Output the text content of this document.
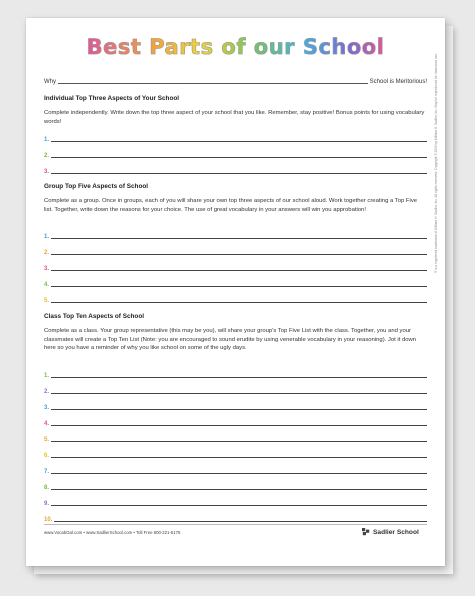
Best Parts of our School
Why	School is Meritorious!

Individual Top Three Aspects of Your School

Complete independently. Write down the top three aspect of your school that you like. Remember, stay positive! Bonus points for using vocabulary words!

1.
2.
3.

Group Top Five Aspects of School

Complete as a group. Once in groups, each of you will share your own top three aspects of our school aloud. Work together creating a Top Five list. Together, write down the reasons for your choice. The use of great vocabulary in your answers will win you approbation!

1.
2.
3.
4.
5.

Class Top Ten Aspects of School

Complete as a class. Your group representative (this may be you), will share your group's Top Five List with the class. Together, you and your classmates will create a Top Ten List (Note: you are encouraged to sound erudite by using venerable vocabulary in your reasoning). Jot it down here so you have a reminder of why you like school on some of the ugly days.

1.
2.
3.
4.
5.
6.
7.
8.
9.
10.
www.VocabGal.com • www.SadlierSchool.com • Toll Free 800-221-5175	Sadlier School
® is a registered trademark of William H. Sadlier, Inc. All rights reserved. Copyright © 2019 by William H. Sadlier, Inc. May be reproduced for classroom use.
